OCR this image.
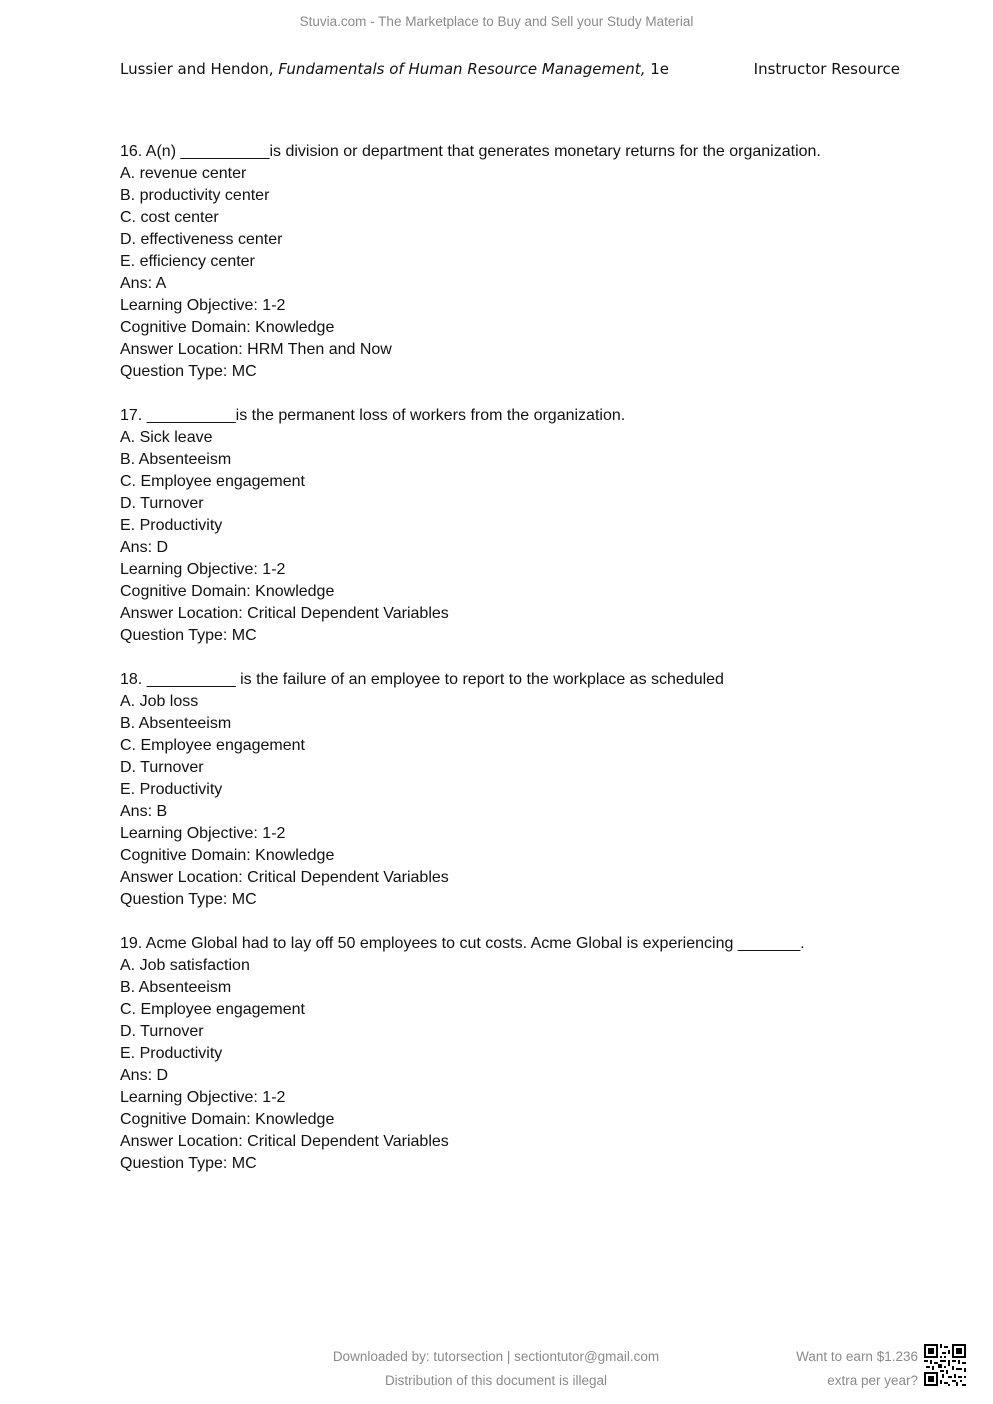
Stuvia.com - The Marketplace to Buy and Sell your Study Material
Lussier and Hendon, Fundamentals of Human Resource Management, 1e	Instructor Resource
16. A(n) __________is division or department that generates monetary returns for the organization.
A. revenue center
B. productivity center
C. cost center
D. effectiveness center
E. efficiency center
Ans: A
Learning Objective: 1-2
Cognitive Domain: Knowledge
Answer Location: HRM Then and Now
Question Type: MC
17. __________is the permanent loss of workers from the organization.
A. Sick leave
B. Absenteeism
C. Employee engagement
D. Turnover
E. Productivity
Ans: D
Learning Objective: 1-2
Cognitive Domain: Knowledge
Answer Location: Critical Dependent Variables
Question Type: MC
18. __________ is the failure of an employee to report to the workplace as scheduled
A. Job loss
B. Absenteeism
C. Employee engagement
D. Turnover
E. Productivity
Ans: B
Learning Objective: 1-2
Cognitive Domain: Knowledge
Answer Location: Critical Dependent Variables
Question Type: MC
19. Acme Global had to lay off 50 employees to cut costs. Acme Global is experiencing _______.
A. Job satisfaction
B. Absenteeism
C. Employee engagement
D. Turnover
E. Productivity
Ans: D
Learning Objective: 1-2
Cognitive Domain: Knowledge
Answer Location: Critical Dependent Variables
Question Type: MC
Downloaded by: tutorsection | sectiontutor@gmail.com
Distribution of this document is illegal
Want to earn $1.236
extra per year?
